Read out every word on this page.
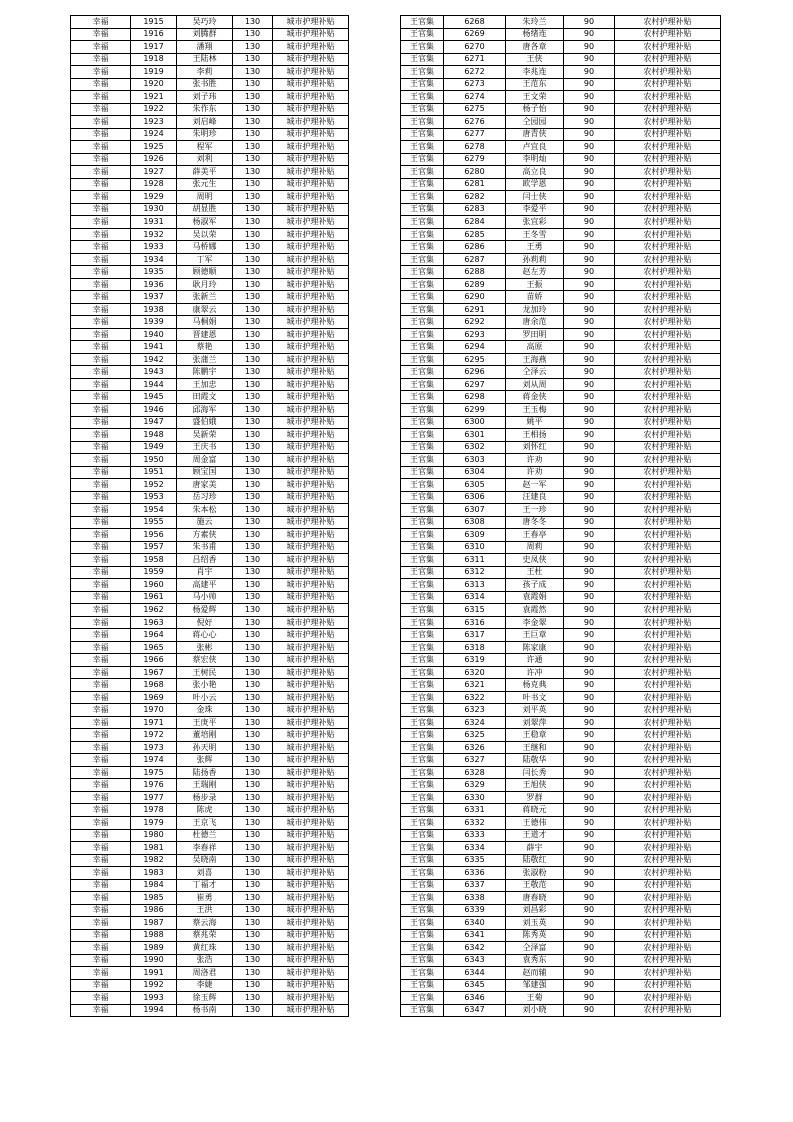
幸福	1915	吴巧玲	130	城市护理补贴
幸福	1916	刘腾群	130	城市护理补贴
幸福	1917	潘翔	130	城市护理补贴
幸福	1918	王陆林	130	城市护理补贴
幸福	1919	李莉	130	城市护理补贴
幸福	1920	张书胜	130	城市护理补贴
幸福	1921	刘子玮	130	城市护理补贴
幸福	1922	朱作东	130	城市护理补贴
幸福	1923	刘启峰	130	城市护理补贴
幸福	1924	朱明珍	130	城市护理补贴
幸福	1925	程军	130	城市护理补贴
幸福	1926	刘利	130	城市护理补贴
幸福	1927	薛美平	130	城市护理补贴
幸福	1928	张元生	130	城市护理补贴
幸福	1929	周明	130	城市护理补贴
幸福	1930	胡显胜	130	城市护理补贴
幸福	1931	杨淑军	130	城市护理补贴
幸福	1932	吴以荣	130	城市护理补贴
幸福	1933	马桥娜	130	城市护理补贴
幸福	1934	丁军	130	城市护理补贴
幸福	1935	顾德顺	130	城市护理补贴
幸福	1936	耿月玲	130	城市护理补贴
幸福	1937	张新兰	130	城市护理补贴
幸福	1938	康翠云	130	城市护理补贴
幸福	1939	马桐娟	130	城市护理补贴
幸福	1940	晋建恩	130	城市护理补贴
幸福	1941	蔡艳	130	城市护理补贴
幸福	1942	张蒲兰	130	城市护理补贴
幸福	1943	陈鹏宇	130	城市护理补贴
幸福	1944	王加忠	130	城市护理补贴
幸福	1945	田霞文	130	城市护理补贴
幸福	1946	邱海军	130	城市护理补贴
幸福	1947	盛伯娥	130	城市护理补贴
幸福	1948	吴新荣	130	城市护理补贴
幸福	1949	王庆书	130	城市护理补贴
幸福	1950	周金富	130	城市护理补贴
幸福	1951	顾宝国	130	城市护理补贴
幸福	1952	唐家美	130	城市护理补贴
幸福	1953	岳习珍	130	城市护理补贴
幸福	1954	朱本松	130	城市护理补贴
幸福	1955	施云	130	城市护理补贴
幸福	1956	方素侠	130	城市护理补贴
幸福	1957	朱书甫	130	城市护理补贴
幸福	1958	吕绍香	130	城市护理补贴
幸福	1959	肖宇	130	城市护理补贴
幸福	1960	高建平	130	城市护理补贴
幸福	1961	马小帅	130	城市护理补贴
幸福	1962	杨爱辉	130	城市护理补贴
幸福	1963	倪好	130	城市护理补贴
幸福	1964	蒋心心	130	城市护理补贴
幸福	1965	张彬	130	城市护理补贴
幸福	1966	蔡宏侠	130	城市护理补贴
幸福	1967	王树民	130	城市护理补贴
幸福	1968	张小艳	130	城市护理补贴
幸福	1969	叶小云	130	城市护理补贴
幸福	1970	金珠	130	城市护理补贴
幸福	1971	王庚平	130	城市护理补贴
幸福	1972	董培刚	130	城市护理补贴
幸福	1973	孙天明	130	城市护理补贴
幸福	1974	张辉	130	城市护理补贴
幸福	1975	陆扬香	130	城市护理补贴
幸福	1976	王瑞刚	130	城市护理补贴
幸福	1977	杨步录	130	城市护理补贴
幸福	1978	陈虎	130	城市护理补贴
幸福	1979	王京飞	130	城市护理补贴
幸福	1980	杜德兰	130	城市护理补贴
幸福	1981	李春祥	130	城市护理补贴
幸福	1982	吴晓南	130	城市护理补贴
幸福	1983	刘喜	130	城市护理补贴
幸福	1984	丁福才	130	城市护理补贴
幸福	1985	崔勇	130	城市护理补贴
幸福	1986	王洪	130	城市护理补贴
幸福	1987	蔡云海	130	城市护理补贴
幸福	1988	蔡兆荣	130	城市护理补贴
幸福	1989	黄红珠	130	城市护理补贴
幸福	1990	张浩	130	城市护理补贴
幸福	1991	周洛君	130	城市护理补贴
幸福	1992	李婕	130	城市护理补贴
幸福	1993	徐玉辉	130	城市护理补贴
幸福	1994	杨书南	130	城市护理补贴
王官集	6268	朱玲兰	90	农村护理补贴
王官集	6269	杨绪连	90	农村护理补贴
王官集	6270	唐各章	90	农村护理补贴
王官集	6271	王侠	90	农村护理补贴
王官集	6272	李兆连	90	农村护理补贴
王官集	6273	王范东	90	农村护理补贴
王官集	6274	王文荣	90	农村护理补贴
王官集	6275	杨子怡	90	农村护理补贴
王官集	6276	仝园园	90	农村护理补贴
王官集	6277	唐青侠	90	农村护理补贴
王官集	6278	卢宜良	90	农村护理补贴
王官集	6279	李明灿	90	农村护理补贴
王官集	6280	高立良	90	农村护理补贴
王官集	6281	欧学恩	90	农村护理补贴
王官集	6282	闫士侠	90	农村护理补贴
王官集	6283	李爱平	90	农村护理补贴
王官集	6284	张宜彩	90	农村护理补贴
王官集	6285	王冬雪	90	农村护理补贴
王官集	6286	王勇	90	农村护理补贴
王官集	6287	孙莉莉	90	农村护理补贴
王官集	6288	赵左芳	90	农村护理补贴
王官集	6289	王振	90	农村护理补贴
王官集	6290	苗娇	90	农村护理补贴
王官集	6291	龙加玲	90	农村护理补贴
王官集	6292	唐余范	90	农村护理补贴
王官集	6293	罗田明	90	农村护理补贴
王官集	6294	高原	90	农村护理补贴
王官集	6295	王海燕	90	农村护理补贴
王官集	6296	仝泽云	90	农村护理补贴
王官集	6297	刘从周	90	农村护理补贴
王官集	6298	蒋金侠	90	农村护理补贴
王官集	6299	王玉梅	90	农村护理补贴
王官集	6300	姚平	90	农村护理补贴
王官集	6301	王相扬	90	农村护理补贴
王官集	6302	刘怀红	90	农村护理补贴
王官集	6303	许劝	90	农村护理补贴
王官集	6304	许劝	90	农村护理补贴
王官集	6305	赵一军	90	农村护理补贴
王官集	6306	汪建良	90	农村护理补贴
王官集	6307	王一珍	90	农村护理补贴
王官集	6308	唐冬冬	90	农村护理补贴
王官集	6309	王春亭	90	农村护理补贴
王官集	6310	周莉	90	农村护理补贴
王官集	6311	史凤侠	90	农村护理补贴
王官集	6312	王杜	90	农村护理补贴
王官集	6313	孩子成	90	农村护理补贴
王官集	6314	袁霞娟	90	农村护理补贴
王官集	6315	袁霞然	90	农村护理补贴
王官集	6316	李金翠	90	农村护理补贴
王官集	6317	王巨章	90	农村护理补贴
王官集	6318	陈家康	90	农村护理补贴
王官集	6319	许通	90	农村护理补贴
王官集	6320	许冲	90	农村护理补贴
王官集	6321	杨克典	90	农村护理补贴
王官集	6322	叶书文	90	农村护理补贴
王官集	6323	刘平英	90	农村护理补贴
王官集	6324	刘翠萍	90	农村护理补贴
王官集	6325	王稳章	90	农村护理补贴
王官集	6326	王继和	90	农村护理补贴
王官集	6327	陆敬华	90	农村护理补贴
王官集	6328	闫长秀	90	农村护理补贴
王官集	6329	王旭侠	90	农村护理补贴
王官集	6330	罗群	90	农村护理补贴
王官集	6331	蒋晓元	90	农村护理补贴
王官集	6332	王德伟	90	农村护理补贴
王官集	6333	王道才	90	农村护理补贴
王官集	6334	薛宇	90	农村护理补贴
王官集	6335	陆敬红	90	农村护理补贴
王官集	6336	张淑粉	90	农村护理补贴
王官集	6337	王敬范	90	农村护理补贴
王官集	6338	唐春晓	90	农村护理补贴
王官集	6339	刘昌彩	90	农村护理补贴
王官集	6340	刘玉英	90	农村护理补贴
王官集	6341	陈秀英	90	农村护理补贴
王官集	6342	仝泽富	90	农村护理补贴
王官集	6343	袁秀东	90	农村护理补贴
王官集	6344	赵而辅	90	农村护理补贴
王官集	6345	邹建强	90	农村护理补贴
王官集	6346	王菊	90	农村护理补贴
王官集	6347	刘小晓	90	农村护理补贴
